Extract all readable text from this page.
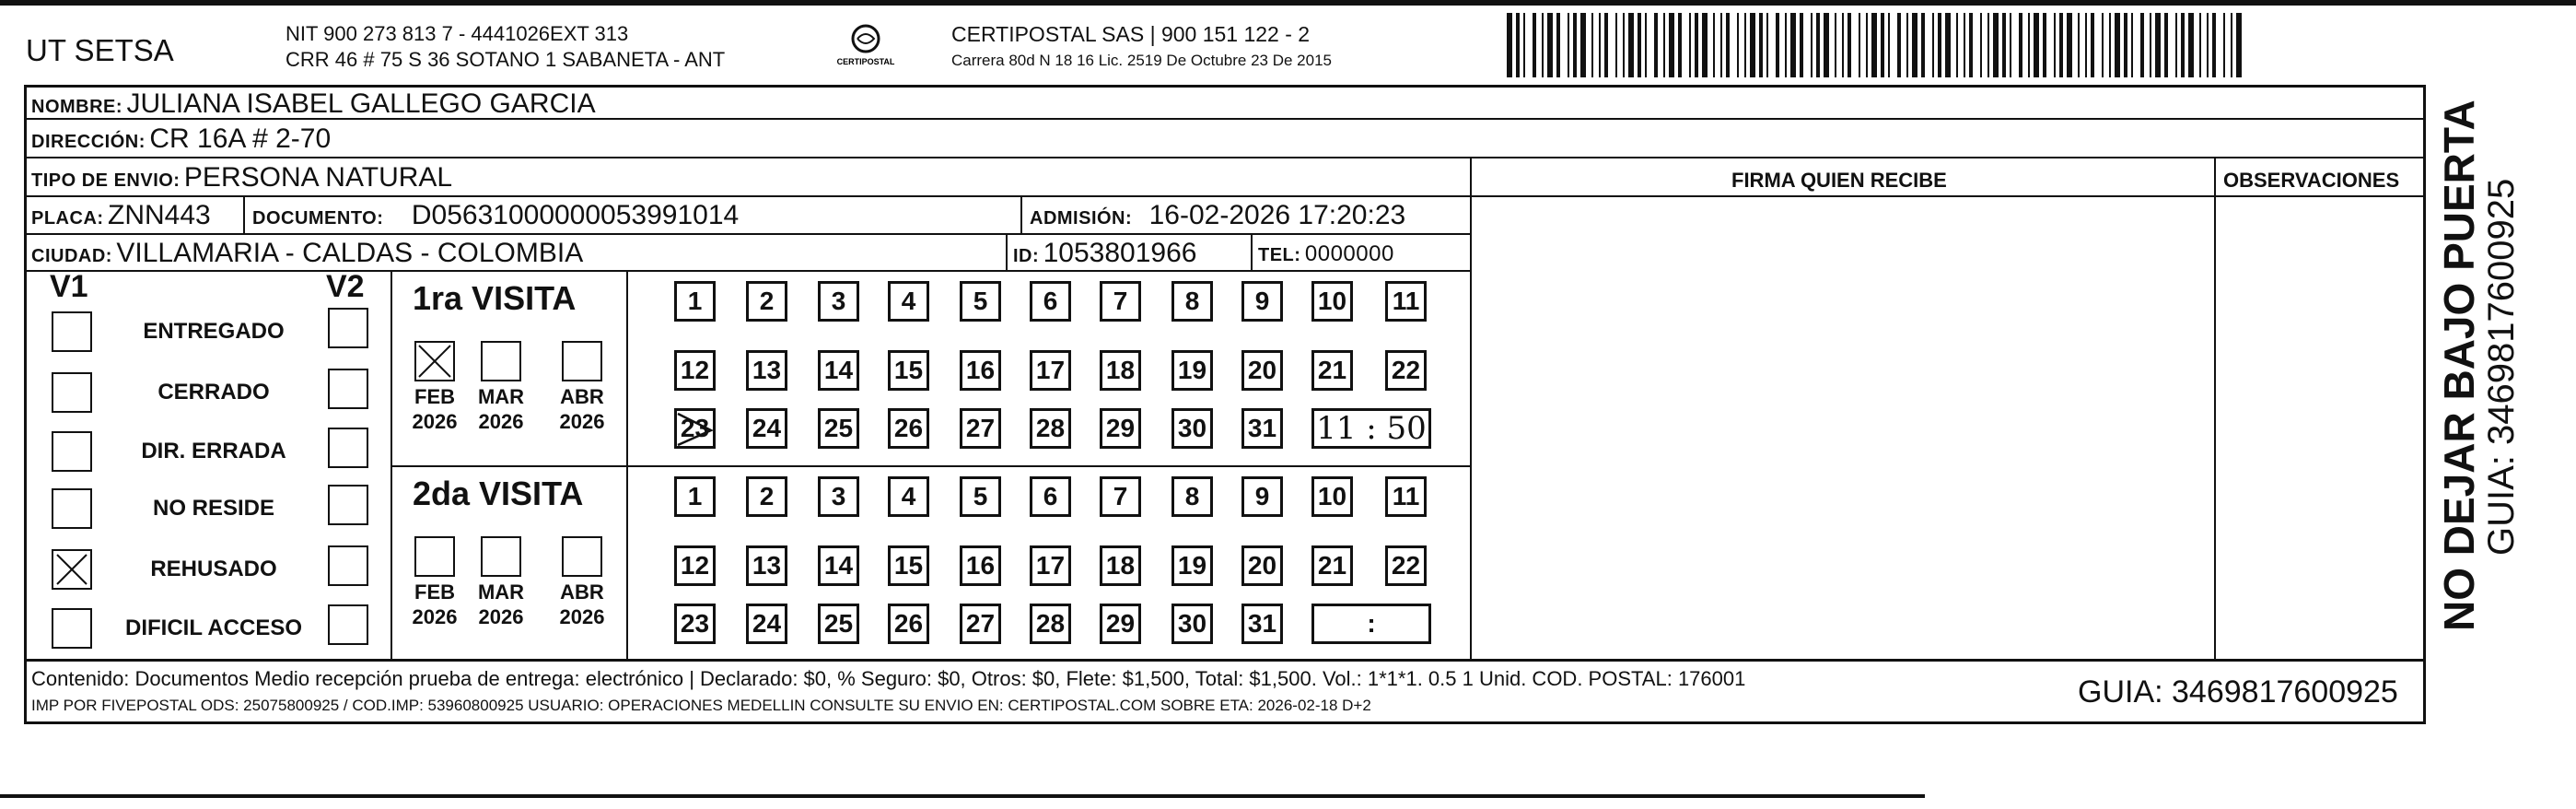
UT SETSA	NIT 900 273 813 7 - 4441026EXT 313
CRR 46 # 75 S 36 SOTANO 1 SABANETA - ANT	CERTIPOSTAL
CERTIPOSTAL SAS | 900 151 122 - 2
Carrera 80d N 18 16 Lic. 2519 De Octubre 23 De 2015
FIRMA QUIEN RECIBE	OBSERVACIONES
NOMBRE: JULIANA ISABEL GALLEGO GARCIA
DIRECCIÓN: CR 16A # 2-70
TIPO DE ENVIO: PERSONA NATURAL
PLACA: ZNN443 DOCUMENTO: D05631000000053991014	ADMISIÓN: 16-02-2026 17:20:23
CIUDAD: VILLAMARIA - CALDAS - COLOMBIA	ID: 1053801966	TEL: 0000000
V1	V2
ENTREGADO
CERRADO
DIR. ERRADA
NO RESIDE
REHUSADO
DIFICIL ACCESO
1ra VISITA
FEB
2026
MAR
2026
ABR
2026
1	2	3	4	5	6	7	8	9	10 11
12 13 14 15 16 17 18 19 20 21 22
23 24 25 26 27 28 29 30 31 11 : 50
2da VISITA
FEB
2026
MAR
2026
ABR
2026
1	2	3	4	5	6	7	8	9	10 11
12 13 14 15 16 17 18 19 20 21 22
23 24 25 26 27 28 29 30 31	:
Contenido: Documentos Medio recepción prueba de entrega: electrónico | Declarado: $0, % Seguro: $0, Otros: $0, Flete: $1,500, Total: $1,500. Vol.: 1*1*1. 0.5 1 Unid. COD. POSTAL: 176001
IMP POR FIVEPOSTAL ODS: 25075800925 / COD.IMP: 53960800925 USUARIO: OPERACIONES MEDELLIN CONSULTE SU ENVIO EN: CERTIPOSTAL.COM SOBRE ETA: 2026-02-18 D+2	GUIA: 3469817600925
NO DEJAR BAJO PUERTA
GUIA: 3469817600925
